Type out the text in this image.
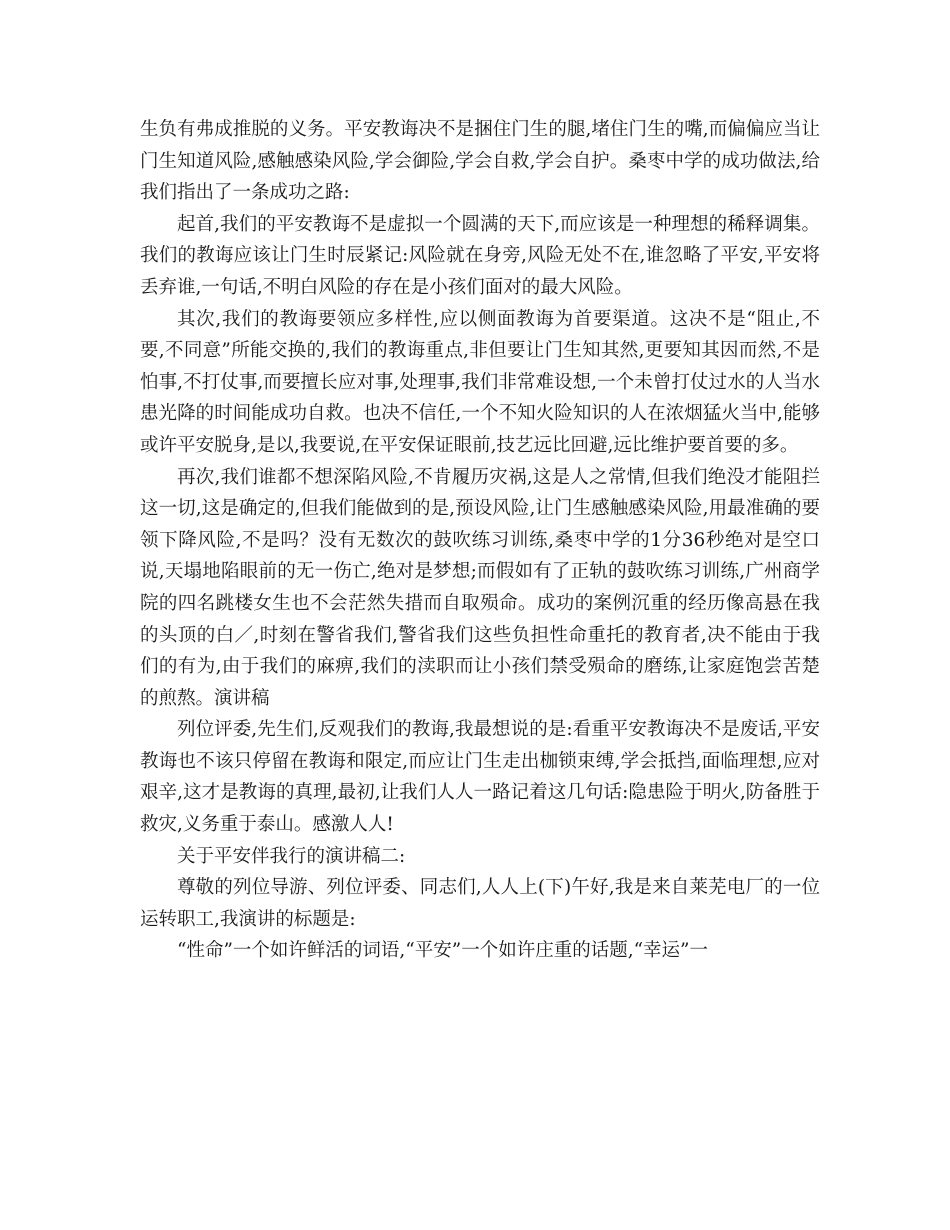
生负有弗成推脱的义务。平安教诲决不是捆住门生的腿,堵住门生的嘴,而偏偏应当让门生知道风险,感触感染风险,学会御险,学会自救,学会自护。桑枣中学的成功做法,给我们指出了一条成功之路:

起首,我们的平安教诲不是虚拟一个圆满的天下,而应该是一种理想的稀释调集。我们的教诲应该让门生时辰紧记:风险就在身旁,风险无处不在,谁忽略了平安,平安将丢弃谁,一句话,不明白风险的存在是小孩们面对的最大风险。

其次,我们的教诲要领应多样性,应以侧面教诲为首要渠道。这决不是“阻止,不要,不同意”所能交换的,我们的教诲重点,非但要让门生知其然,更要知其因而然,不是怕事,不打仗事,而要擅长应对事,处理事,我们非常难设想,一个未曾打仗过水的人当水患光降的时间能成功自救。也决不信任,一个不知火险知识的人在浓烟猛火当中,能够或许平安脱身,是以,我要说,在平安保证眼前,技艺远比回避,远比维护要首要的多。

再次,我们谁都不想深陷风险,不肯履历灾祸,这是人之常情,但我们绝没才能阻拦这一切,这是确定的,但我们能做到的是,预设风险,让门生感触感染风险,用最准确的要领下降风险,不是吗？没有无数次的鼓吹练习训练,桑枣中学的1分36秒绝对是空口说,天塌地陷眼前的无一伤亡,绝对是梦想;而假如有了正轨的鼓吹练习训练,广州商学院的四名跳楼女生也不会茫然失措而自取殒命。成功的案例沉重的经历像高悬在我的头顶的白／,时刻在警省我们,警省我们这些负担性命重托的教育者,决不能由于我们的有为,由于我们的麻痹,我们的渎职而让小孩们禁受殒命的磨练,让家庭饱尝苦楚的煎熬。演讲稿

列位评委,先生们,反观我们的教诲,我最想说的是:看重平安教诲决不是废话,平安教诲也不该只停留在教诲和限定,而应让门生走出枷锁束缚,学会抵挡,面临理想,应对艰辛,这才是教诲的真理,最初,让我们人人一路记着这几句话:隐患险于明火,防备胜于救灾,义务重于泰山。感激人人!

关于平安伴我行的演讲稿二:

尊敬的列位导游、列位评委、同志们,人人上(下)午好,我是来自莱芜电厂的一位运转职工,我演讲的标题是:

“性命”一个如许鲜活的词语,“平安”一个如许庄重的话题,“幸运”一
